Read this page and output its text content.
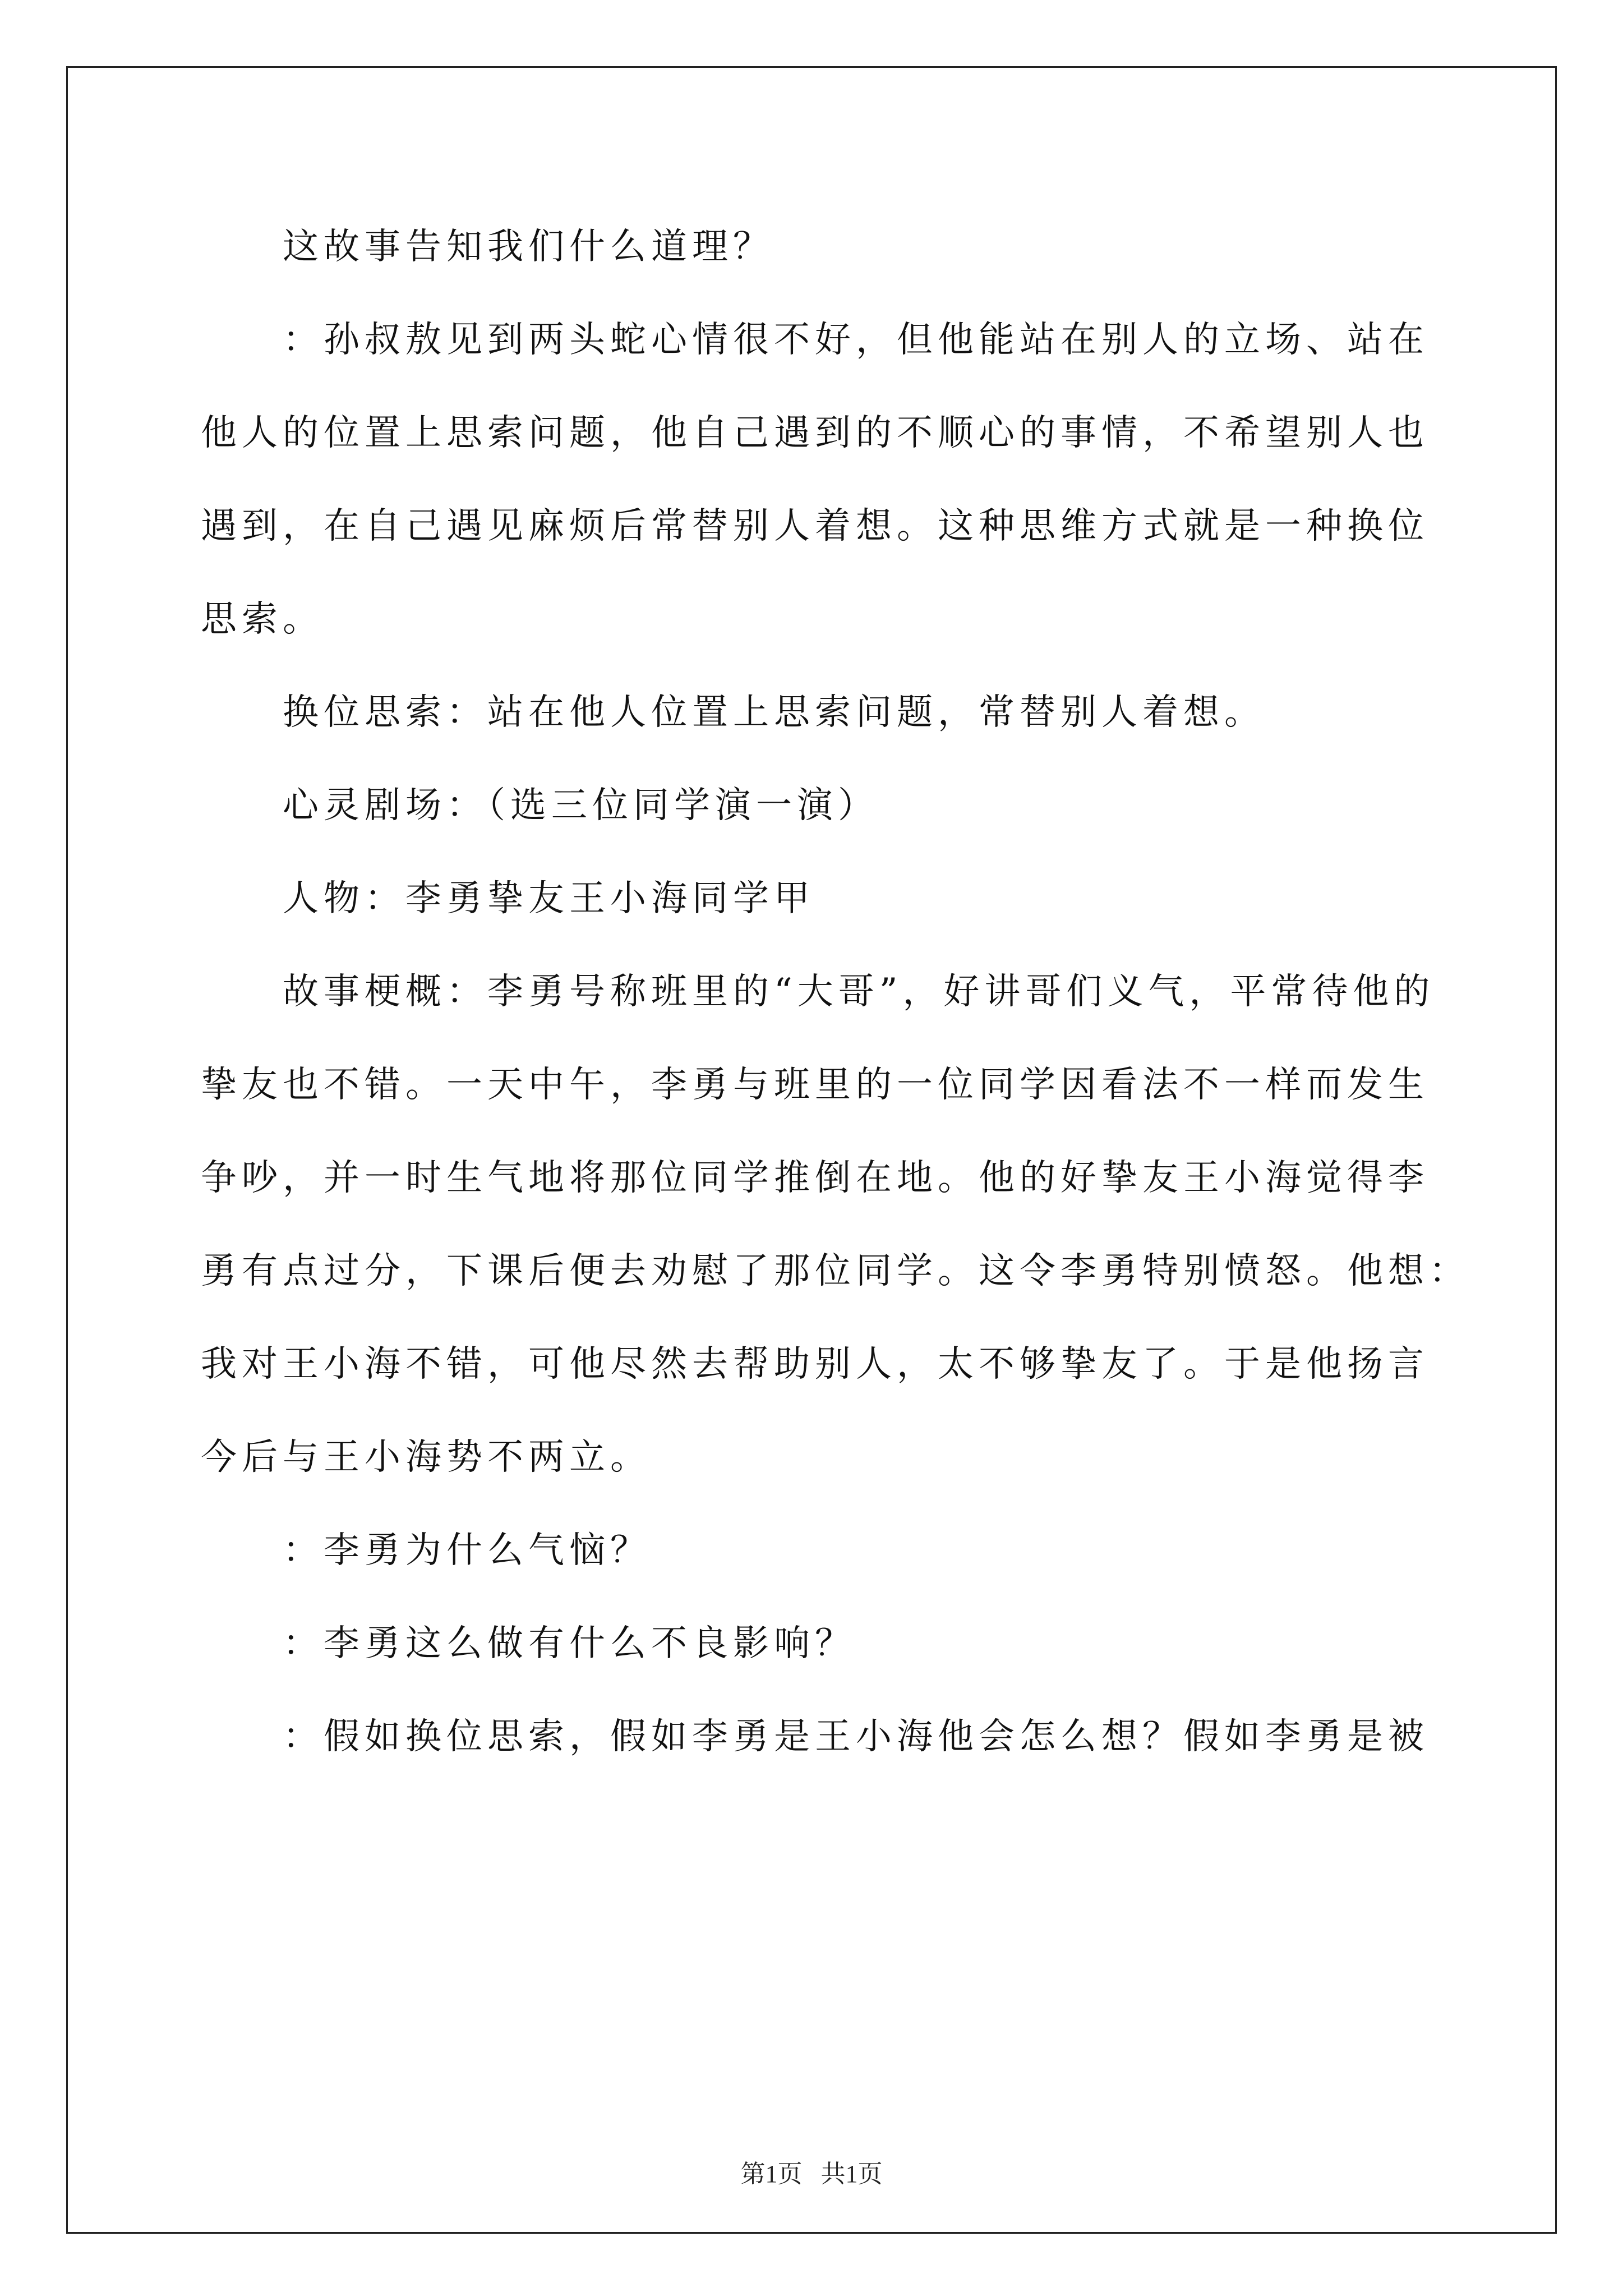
这故事告知我们什么道理？
：孙叔敖见到两头蛇心情很不好，但他能站在别人的立场、站在
他人的位置上思索问题，他自己遇到的不顺心的事情，不希望别人也
遇到，在自己遇见麻烦后常替别人着想。这种思维方式就是一种换位
思索。
换位思索：站在他人位置上思索问题，常替别人着想。
心灵剧场：（选三位同学演一演）
人物：李勇挚友王小海同学甲
故事梗概：李勇号称班里的“大哥”，好讲哥们义气，平常待他的
挚友也不错。一天中午，李勇与班里的一位同学因看法不一样而发生
争吵，并一时生气地将那位同学推倒在地。他的好挚友王小海觉得李
勇有点过分，下课后便去劝慰了那位同学。这令李勇特别愤怒。他想：
我对王小海不错，可他尽然去帮助别人，太不够挚友了。于是他扬言
今后与王小海势不两立。
：李勇为什么气恼？
：李勇这么做有什么不良影响？
：假如换位思索，假如李勇是王小海他会怎么想？假如李勇是被
第1页   共1页
